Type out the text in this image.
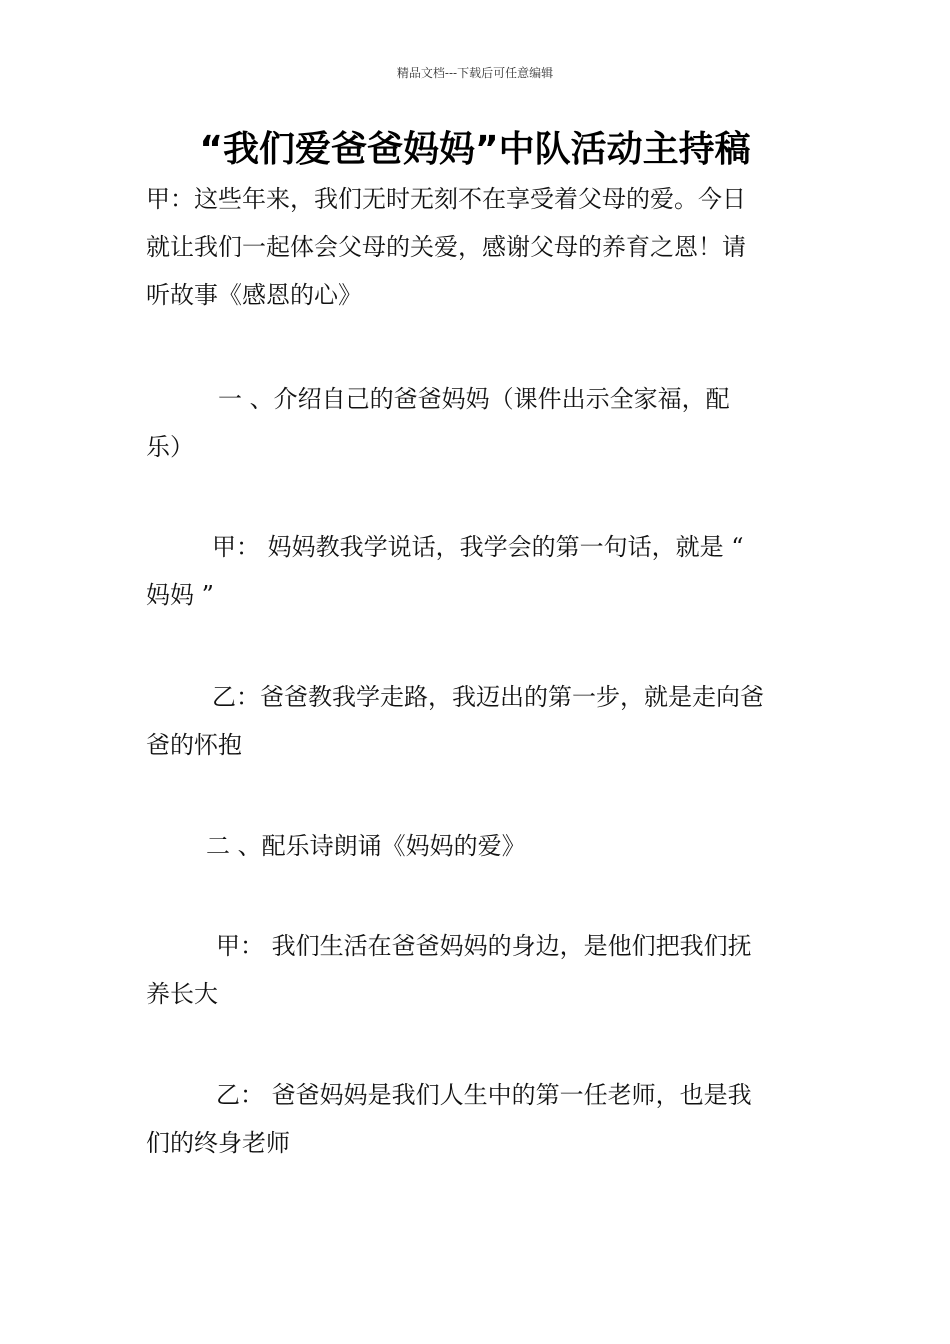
精品文档---下载后可任意编辑
“我们爱爸爸妈妈”中队活动主持稿
甲：这些年来，我们无时无刻不在享受着父母的爱。今日
就让我们一起体会父母的关爱，感谢父母的养育之恩！请
听故事《感恩的心》
一 、介绍自己的爸爸妈妈（课件出示全家福，配
乐）
甲： 妈妈教我学说话，我学会的第一句话，就是 “
妈妈 ”
乙：爸爸教我学走路，我迈出的第一步，就是走向爸
爸的怀抱
二 、配乐诗朗诵《妈妈的爱》
甲： 我们生活在爸爸妈妈的身边，是他们把我们抚
养长大
乙： 爸爸妈妈是我们人生中的第一任老师，也是我
们的终身老师
